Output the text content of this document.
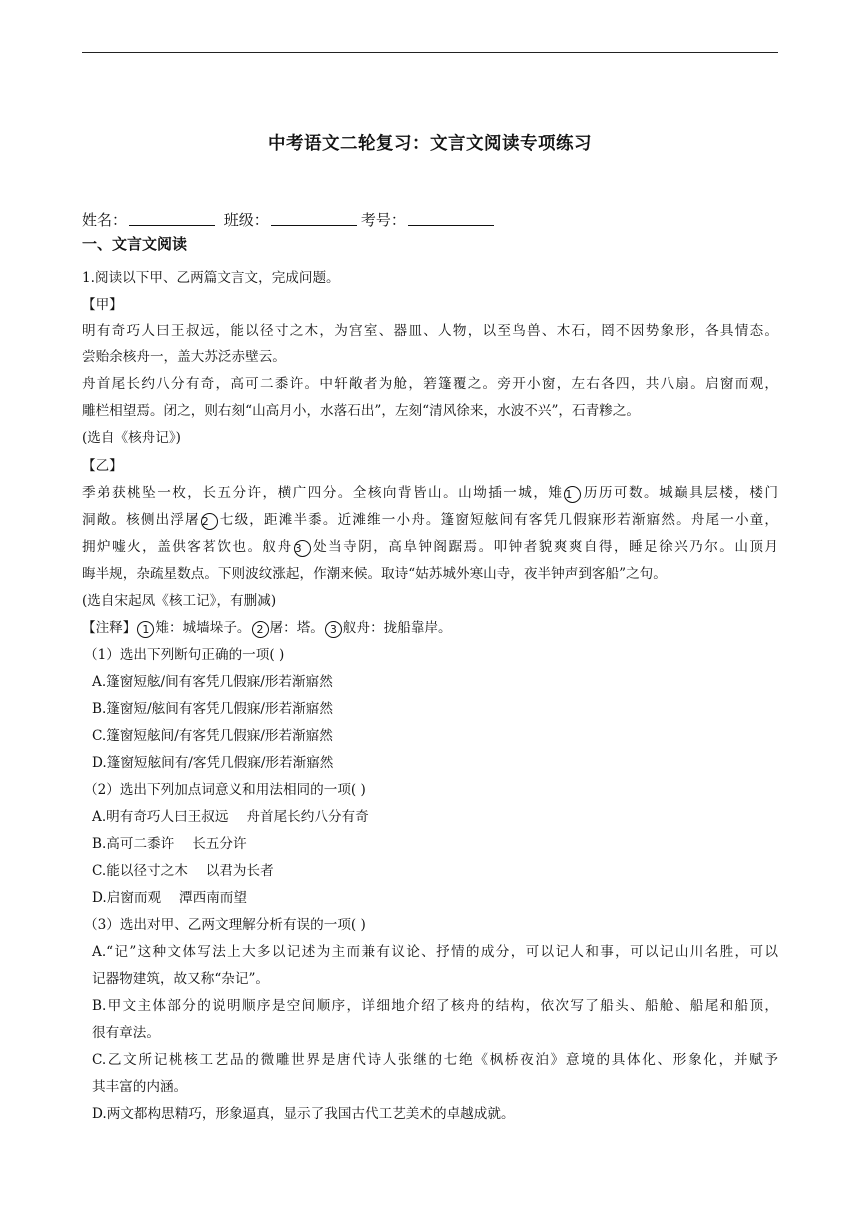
中考语文二轮复习：文言文阅读专项练习
姓名：	班级：	考号：
一、文言文阅读
1.阅读以下甲、乙两篇文言文，完成问题。
【甲】
明有奇巧人曰王叔远，能以径寸之木，为宫室、器皿、人物，以至鸟兽、木石，罔不因势象形，各具情态。
尝贻余核舟一，盖大苏泛赤壁云。
舟首尾长约八分有奇，高可二黍许。中轩敞者为舱，箬篷覆之。旁开小窗，左右各四，共八扇。启窗而观，
雕栏相望焉。闭之，则右刻“山高月小，水落石出”，左刻“清风徐来，水波不兴”，石青糁之。
(选自《核舟记》)
【乙】
季弟获桃坠一枚，长五分许，横广四分。全核向背皆山。山坳插一城，雉 1 历历可数。城巅具层楼，楼门
洞敞。核侧出浮屠 2 七级，距滩半黍。近滩维一小舟。篷窗短舷间有客凭几假寐形若渐寤然。舟尾一小童，
拥炉嘘火，盖供客茗饮也。舣舟 3 处当寺阴，高阜钟阁踞焉。叩钟者貌爽爽自得，睡足徐兴乃尔。山顶月
晦半规，杂疏星数点。下则波纹涨起，作潮来候。取诗“姑苏城外寒山寺，夜半钟声到客船”之句。
(选自宋起凤《核工记》，有删减)
【注释】 1 雉：城墙垛子。 2 屠：塔。 3 舣舟：拢船靠岸。
（1）选出下列断句正确的一项( )
A.篷窗短舷/间有客凭几假寐/形若渐寤然
B.篷窗短/舷间有客凭几假寐/形若渐寤然
C.篷窗短舷间/有客凭几假寐/形若渐寤然
D.篷窗短舷间有/客凭几假寐/形若渐寤然
（2）选出下列加点词意义和用法相同的一项( )
A.明有奇巧人曰王叔远　 舟首尾长约八分有奇
B.高可二黍许　 长五分许
C.能以径寸之木　 以君为长者
D.启窗而观　 潭西南而望
（3）选出对甲、乙两文理解分析有误的一项( )
A.“记”这种文体写法上大多以记述为主而兼有议论、抒情的成分，可以记人和事，可以记山川名胜，可以
记器物建筑，故又称“杂记”。
B.甲文主体部分的说明顺序是空间顺序，详细地介绍了核舟的结构，依次写了船头、船舱、船尾和船顶，
很有章法。
C.乙文所记桃核工艺品的微雕世界是唐代诗人张继的七绝《枫桥夜泊》意境的具体化、形象化，并赋予
其丰富的内涵。
D.两文都构思精巧，形象逼真，显示了我国古代工艺美术的卓越成就。
